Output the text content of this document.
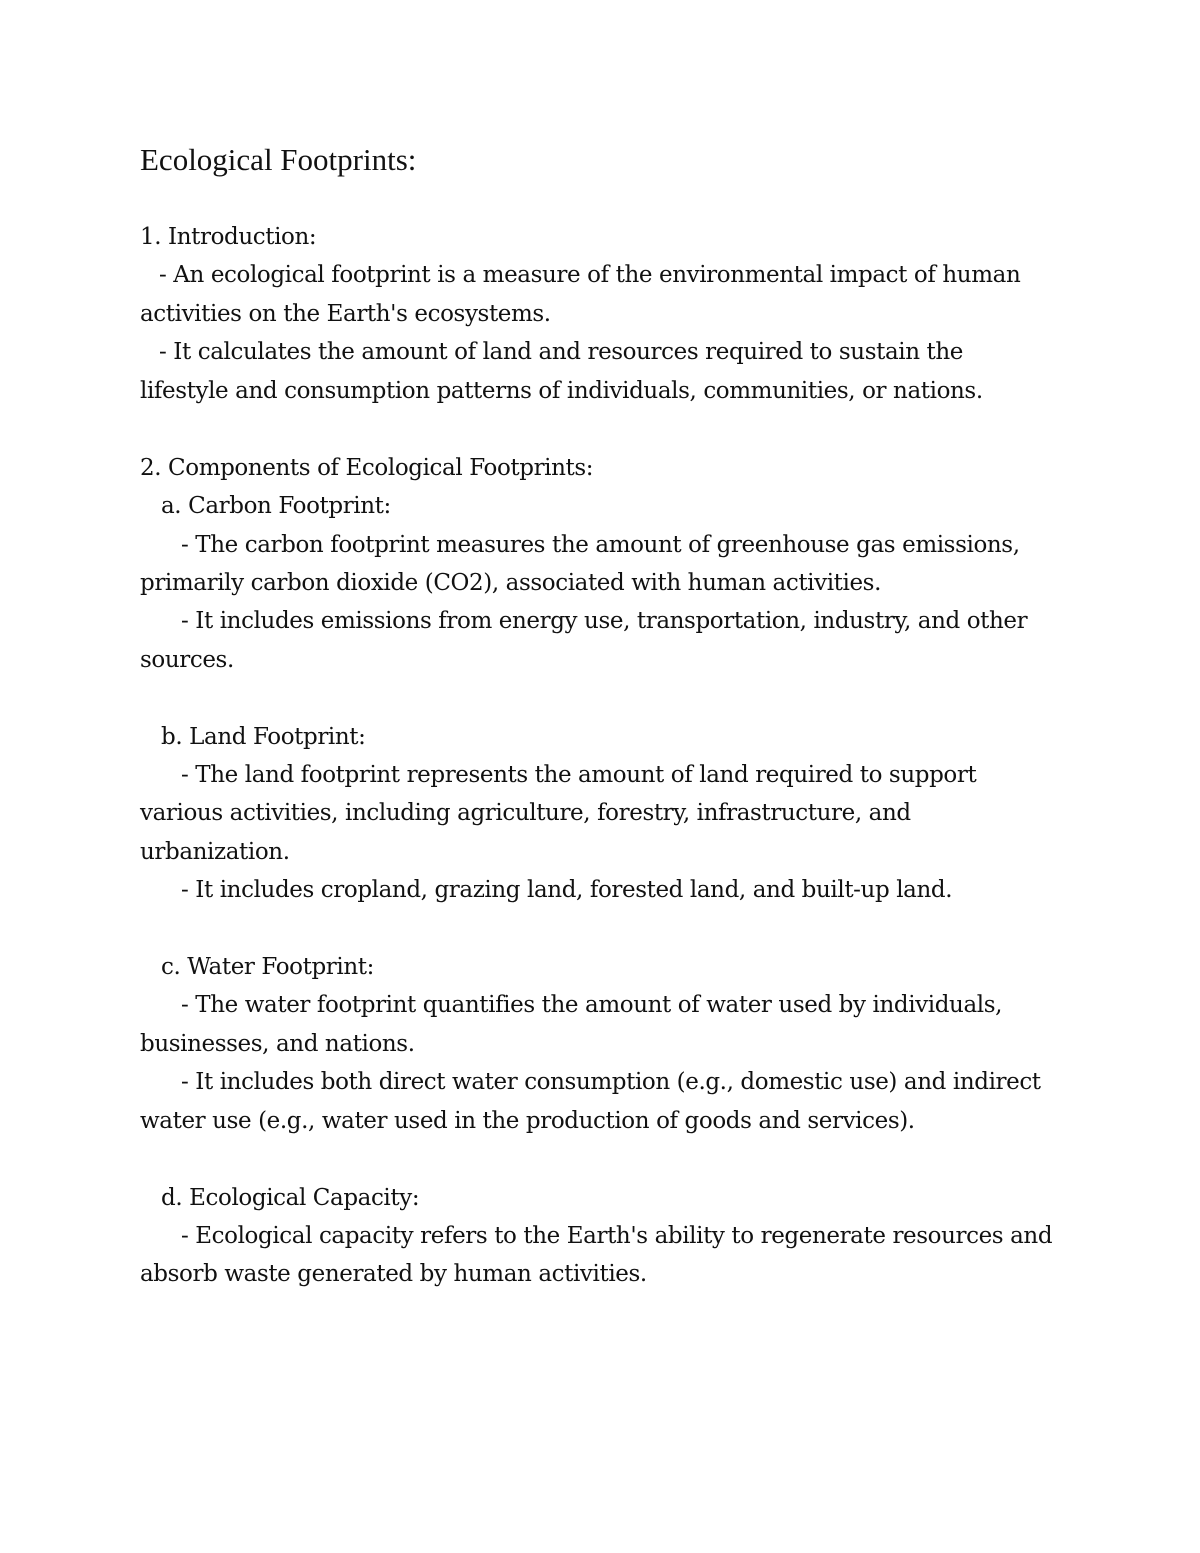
Ecological Footprints:

1. Introduction:

- An ecological footprint is a measure of the environmental impact of human

activities on the Earth's ecosystems.

- It calculates the amount of land and resources required to sustain the

lifestyle and consumption patterns of individuals, communities, or nations.

2. Components of Ecological Footprints:

a. Carbon Footprint:

- The carbon footprint measures the amount of greenhouse gas emissions,

primarily carbon dioxide (CO2), associated with human activities.

- It includes emissions from energy use, transportation, industry, and other

sources.

b. Land Footprint:

- The land footprint represents the amount of land required to support

various activities, including agriculture, forestry, infrastructure, and

urbanization.

- It includes cropland, grazing land, forested land, and built-up land.

c. Water Footprint:

- The water footprint quantifies the amount of water used by individuals,

businesses, and nations.

- It includes both direct water consumption (e.g., domestic use) and indirect

water use (e.g., water used in the production of goods and services).

d. Ecological Capacity:

- Ecological capacity refers to the Earth's ability to regenerate resources and

absorb waste generated by human activities.
